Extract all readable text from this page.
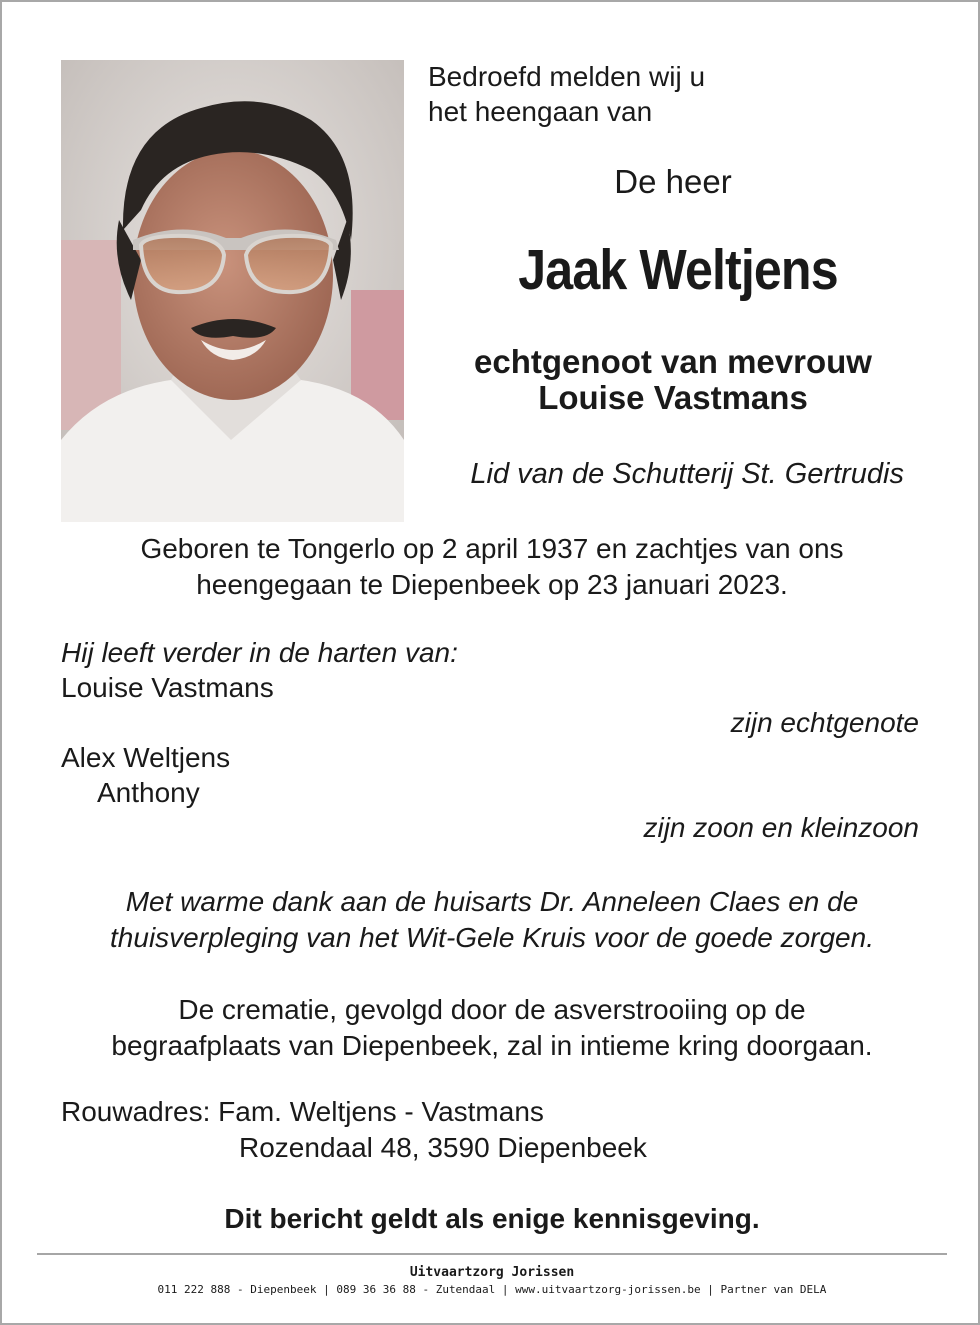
Bedroefd melden wij u
het heengaan van

De heer

Jaak Weltjens

echtgenoot van mevrouw
Louise Vastmans

Lid van de Schutterij St. Gertrudis

Geboren te Tongerlo op 2 april 1937 en zachtjes van ons
heengegaan te Diepenbeek op 23 januari 2023.

Hij leeft verder in de harten van:

Louise Vastmans

zijn echtgenote

Alex Weltjens

Anthony

zijn zoon en kleinzoon

Met warme dank aan de huisarts Dr. Anneleen Claes en de
thuisverpleging van het Wit-Gele Kruis voor de goede zorgen.

De crematie, gevolgd door de asverstrooiing op de
begraafplaats van Diepenbeek, zal in intieme kring doorgaan.

Rouwadres: Fam. Weltjens - Vastmans

Rozendaal 48, 3590 Diepenbeek

Dit bericht geldt als enige kennisgeving.

Uitvaartzorg Jorissen

011 222 888 - Diepenbeek | 089 36 36 88 - Zutendaal | www.uitvaartzorg-jorissen.be | Partner van DELA
